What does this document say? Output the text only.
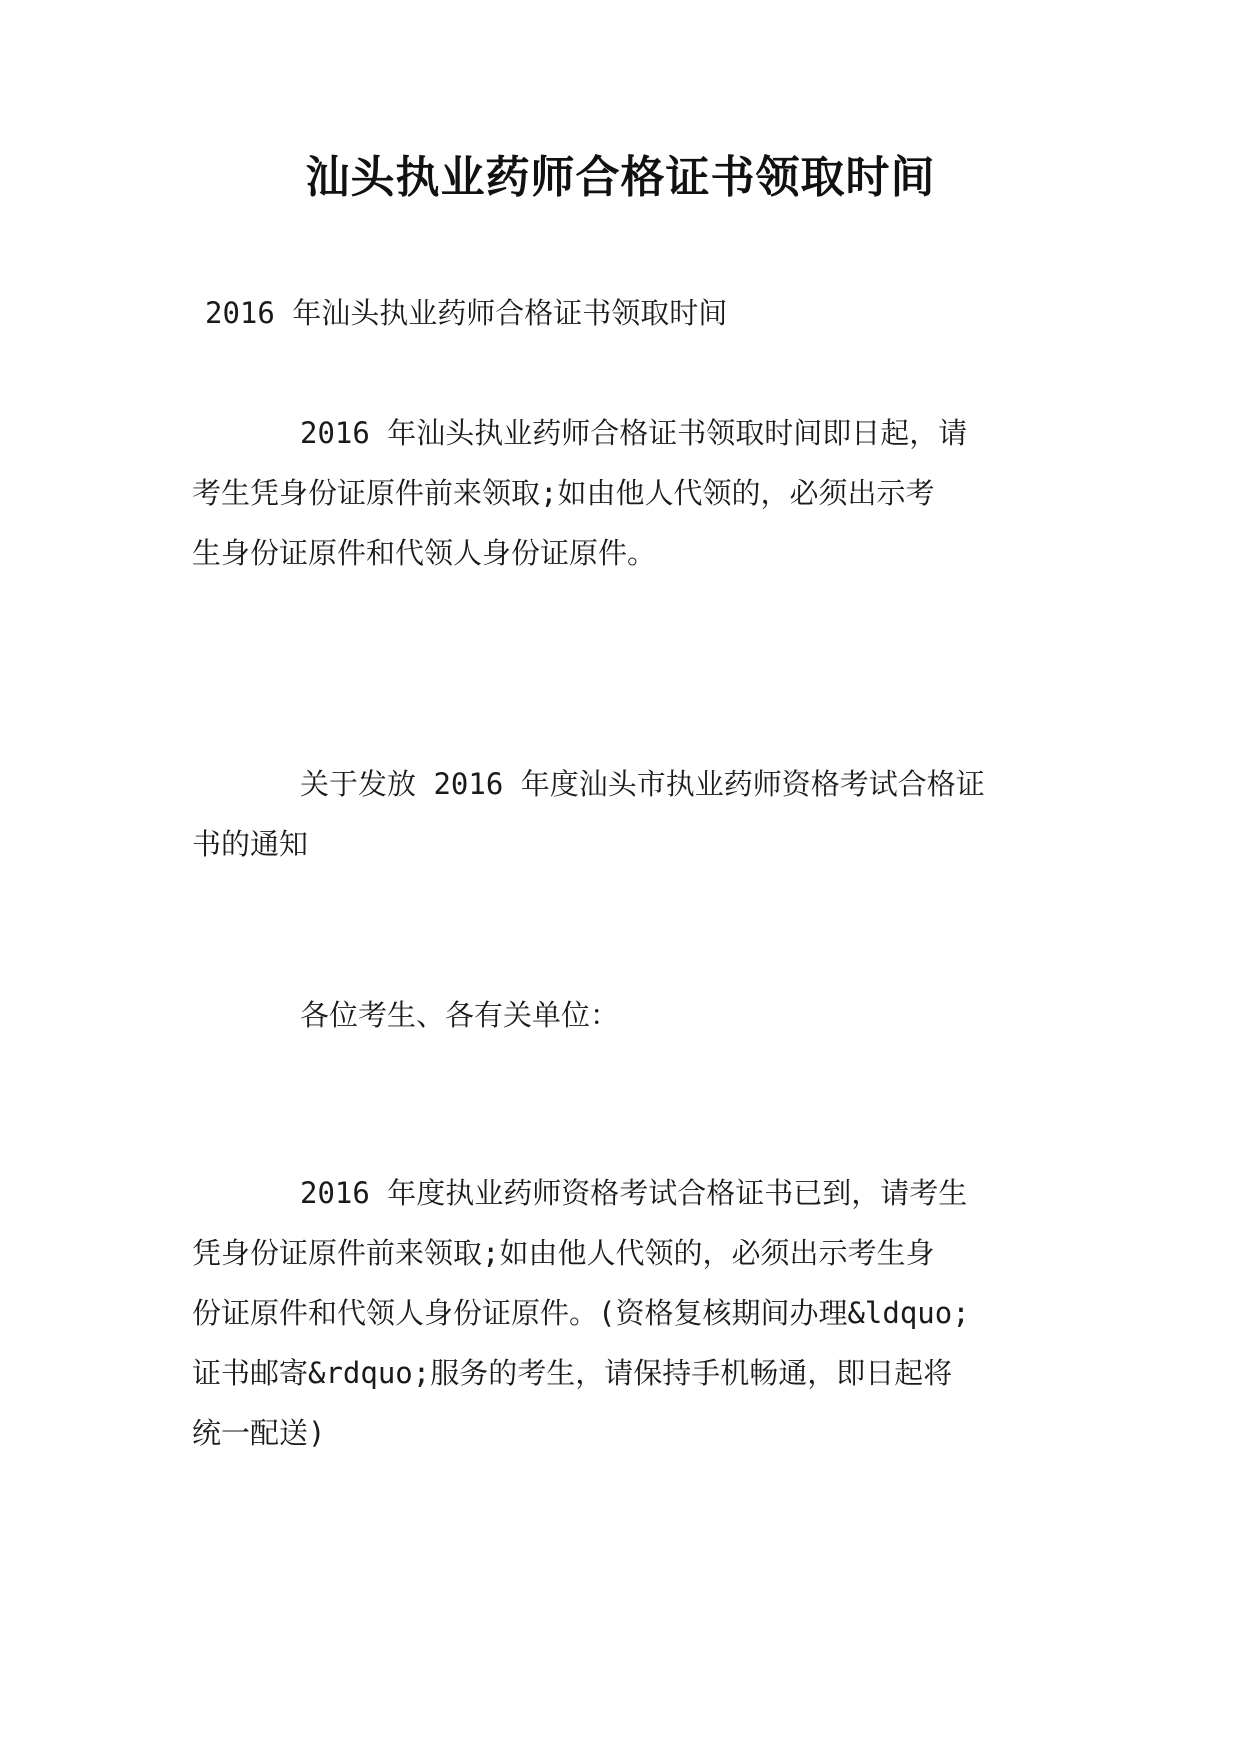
汕头执业药师合格证书领取时间
2016 年汕头执业药师合格证书领取时间
2016 年汕头执业药师合格证书领取时间即日起，请
考生凭身份证原件前来领取;如由他人代领的，必须出示考
生身份证原件和代领人身份证原件。
关于发放 2016 年度汕头市执业药师资格考试合格证
书的通知
各位考生、各有关单位：
2016 年度执业药师资格考试合格证书已到，请考生
凭身份证原件前来领取;如由他人代领的，必须出示考生身
份证原件和代领人身份证原件。(资格复核期间办理&ldquo;
证书邮寄&rdquo;服务的考生，请保持手机畅通，即日起将
统一配送)
